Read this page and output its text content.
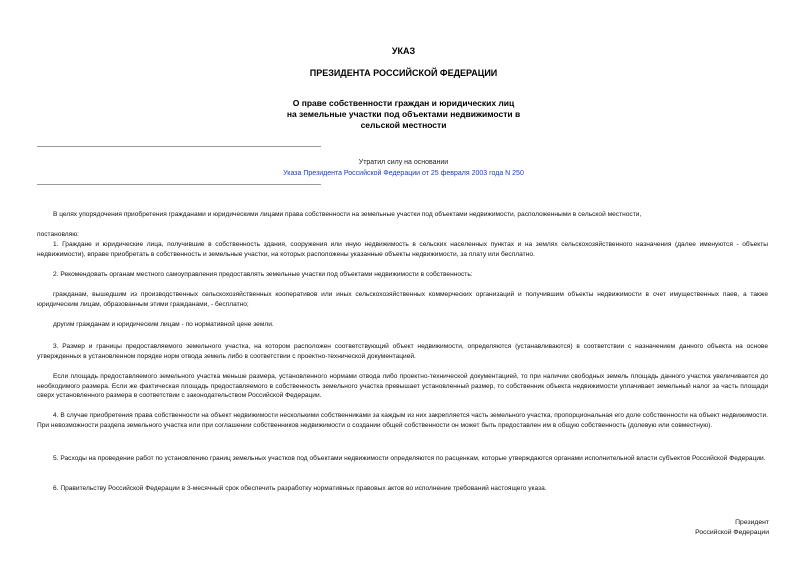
УКАЗ
ПРЕЗИДЕНТА РОССИЙСКОЙ ФЕДЕРАЦИИ
О праве собственности граждан и юридических лиц
на земельные участки под объектами недвижимости в
сельской местности
Утратил силу на основании
Указа Президента Российской Федерации от 25 февраля 2003 года N 250
В целях упорядочения приобретения гражданами и юридическими лицами права собственности на земельные участки под объектами недвижимости, расположенными в сельской местности,
постановляю:
1. Граждане и юридические лица, получившие в собственность здания, сооружения или иную недвижимость в сельских населенных пунктах и на землях сельскохозяйственного назначения (далее именуются - объекты недвижимости), вправе приобретать в собственность и земельные участки, на которых расположены указанные объекты недвижимости, за плату или бесплатно.
2. Рекомендовать органам местного самоуправления предоставлять земельные участки под объектами недвижимости в собственность:
гражданам, вышедшим из производственных сельскохозяйственных кооперативов или иных сельскохозяйственных коммерческих организаций и получившим объекты недвижимости в счет имущественных паев, а также юридическим лицам, образованным этими гражданами, - бесплатно;
другим гражданам и юридическим лицам - по нормативной цене земли.
3. Размер и границы предоставляемого земельного участка, на котором расположен соответствующий объект недвижимости, определяются (устанавливаются) в соответствии с назначением данного объекта на основе утвержденных в установленном порядке норм отвода земель либо в соответствии с проектно-технической документацией.
Если площадь предоставляемого земельного участка меньше размера, установленного нормами отвода либо проектно-технической документацией, то при наличии свободных земель площадь данного участка увеличивается до необходимого размера. Если же фактическая площадь предоставляемого в собственность земельного участка превышает установленный размер, то собственник объекта недвижимости уплачивает земельный налог за часть площади сверх установленного размера в соответствии с законодательством Российской Федерации.
4. В случае приобретения права собственности на объект недвижимости несколькими собственниками за каждым из них закрепляется часть земельного участка, пропорциональная его доле собственности на объект недвижимости. При невозможности раздела земельного участка или при соглашении собственников недвижимости о создании общей собственности он может быть предоставлен им в общую собственность (долевую или совместную).
5. Расходы на проведение работ по установлению границ земельных участков под объектами недвижимости определяются по расценкам, которые утверждаются органами исполнительной власти субъектов Российской Федерации.
6. Правительству Российской Федерации в 3-месячный срок обеспечить разработку нормативных правовых актов во исполнение требований настоящего указа.
Президент
Российской Федерации
